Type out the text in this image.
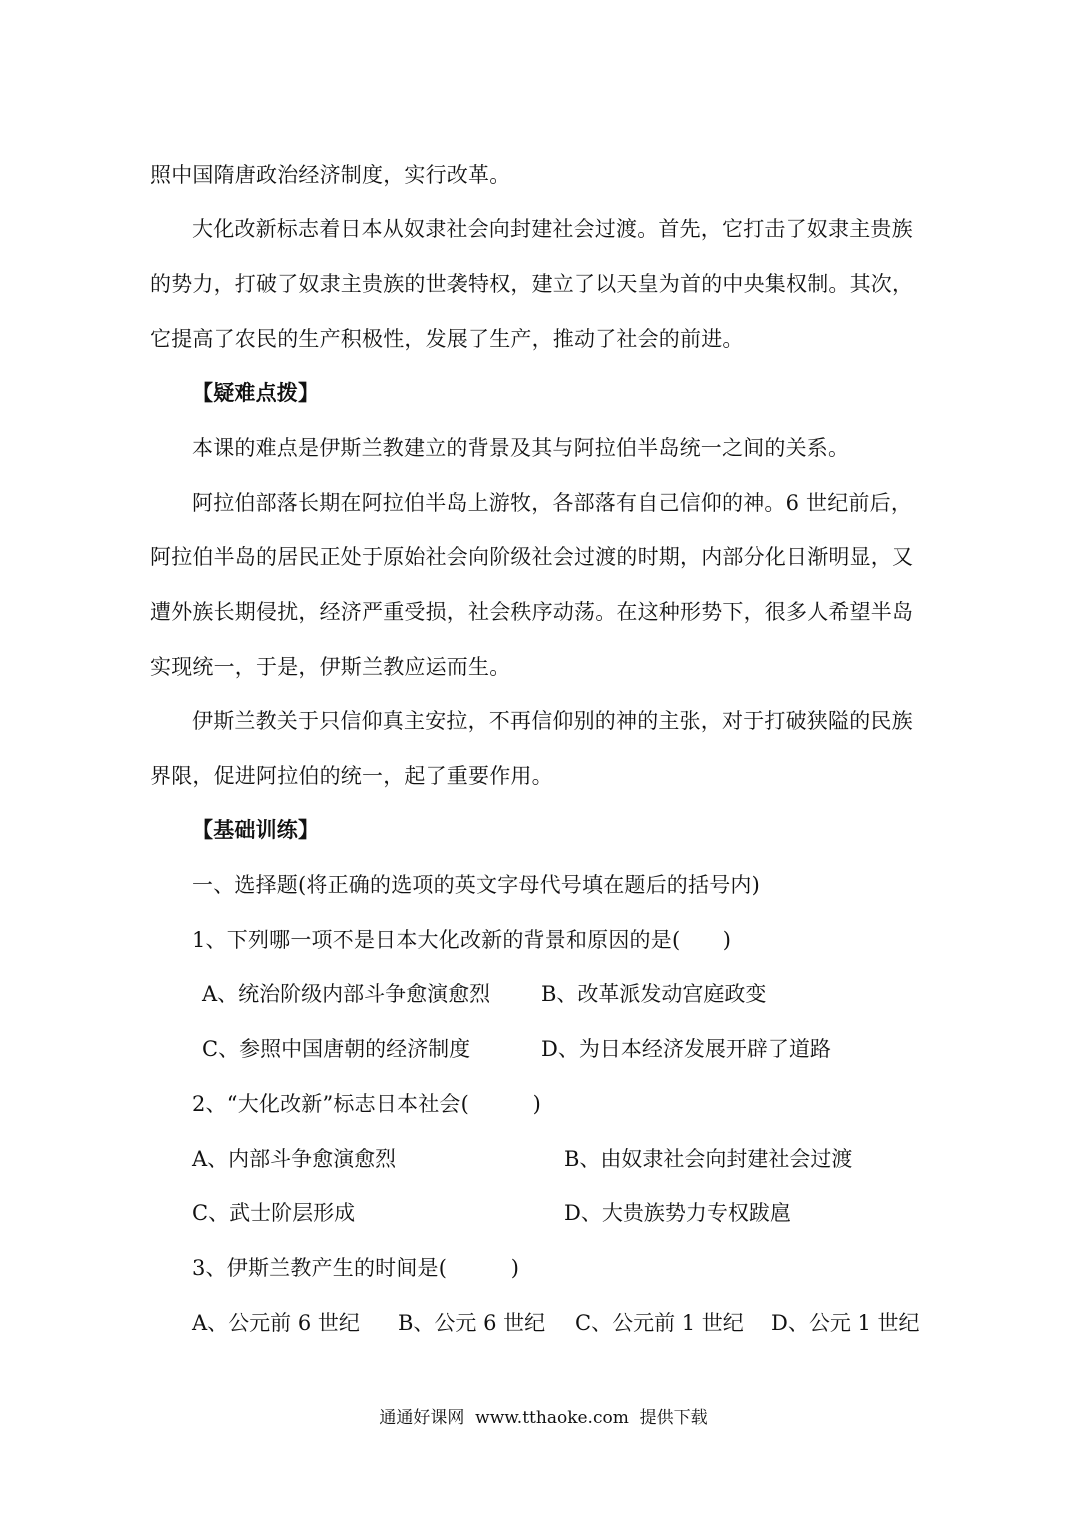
照中国隋唐政治经济制度，实行改革。
大化改新标志着日本从奴隶社会向封建社会过渡。首先，它打击了奴隶主贵族
的势力，打破了奴隶主贵族的世袭特权，建立了以天皇为首的中央集权制。其次，
它提高了农民的生产积极性，发展了生产，推动了社会的前进。
【疑难点拨】
本课的难点是伊斯兰教建立的背景及其与阿拉伯半岛统一之间的关系。
阿拉伯部落长期在阿拉伯半岛上游牧，各部落有自己信仰的神。6 世纪前后，
阿拉伯半岛的居民正处于原始社会向阶级社会过渡的时期，内部分化日渐明显，又
遭外族长期侵扰，经济严重受损，社会秩序动荡。在这种形势下，很多人希望半岛
实现统一，于是，伊斯兰教应运而生。
伊斯兰教关于只信仰真主安拉，不再信仰别的神的主张，对于打破狭隘的民族
界限，促进阿拉伯的统一，起了重要作用。
【基础训练】
一、选择题(将正确的选项的英文字母代号填在题后的括号内)
1、下列哪一项不是日本大化改新的背景和原因的是(　　)
A、统治阶级内部斗争愈演愈烈 B、改革派发动宫庭政变
C、参照中国唐朝的经济制度	D、为日本经济发展开辟了道路
2、“大化改新”标志日本社会(　　　)
A、内部斗争愈演愈烈	B、由奴隶社会向封建社会过渡
C、武士阶层形成	D、大贵族势力专权跋扈
3、伊斯兰教产生的时间是(　　　)
A、公元前 6 世纪 B、公元 6 世纪 C、公元前 1 世纪 D、公元 1 世纪
通通好课网  www.tthaoke.com  提供下载
